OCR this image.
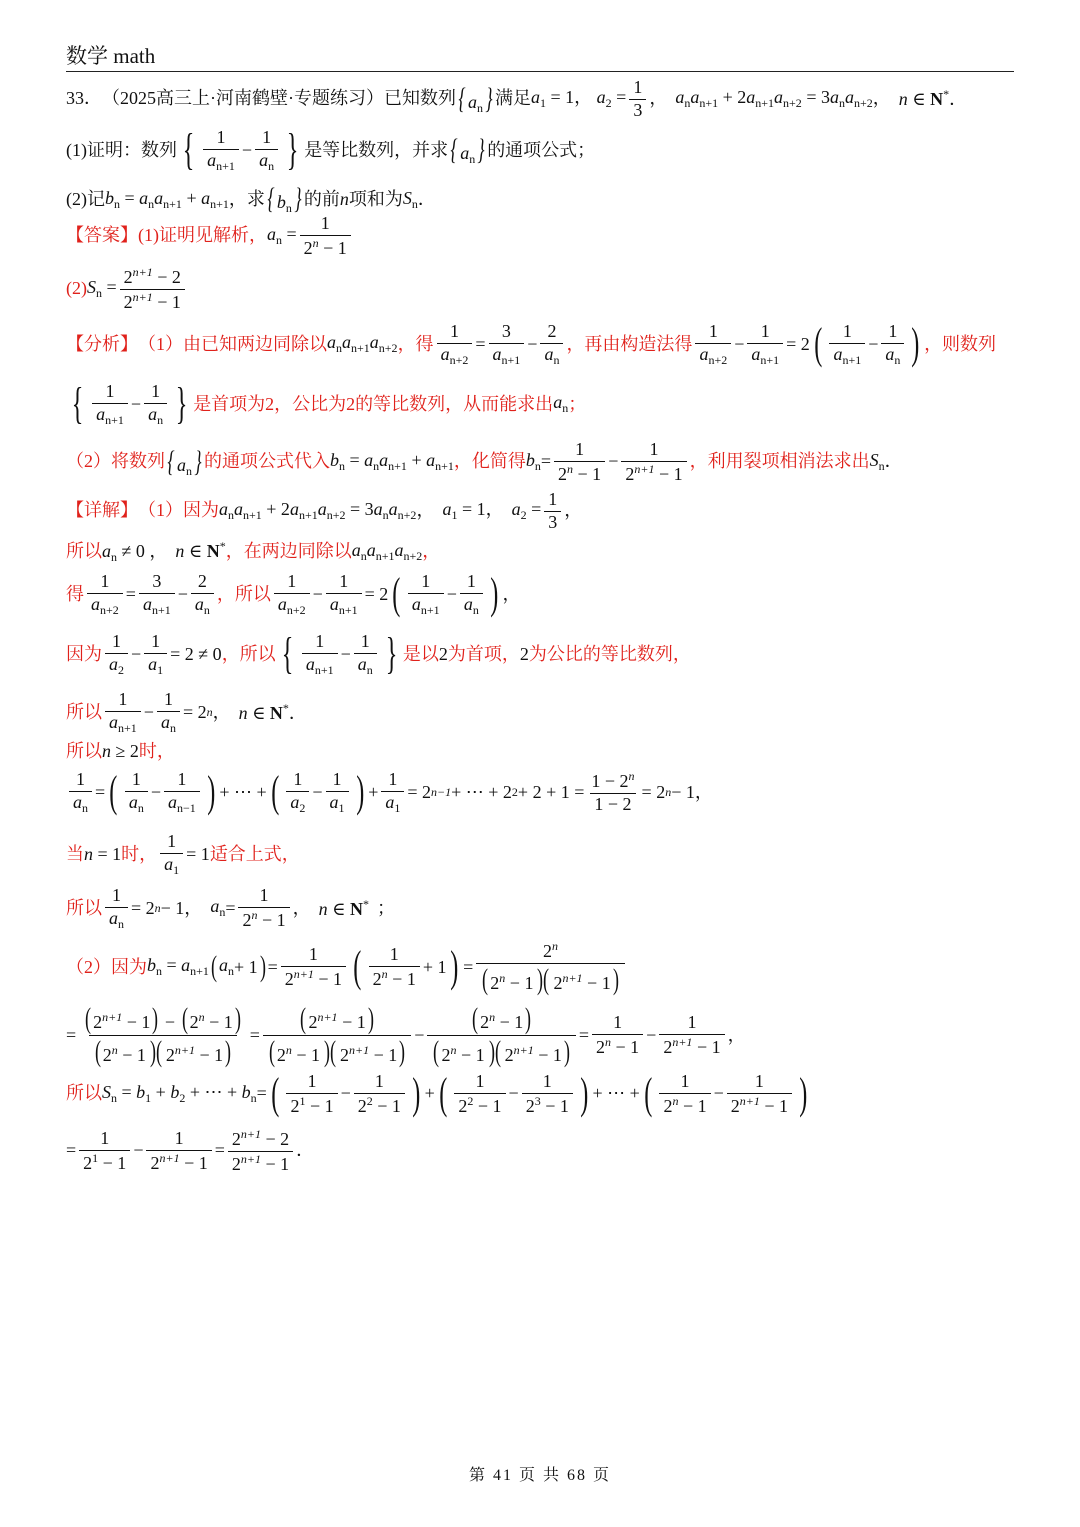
数学 math
33． （2025高三上·河南鹤壁·专题练习） 已知数列 { $a_n$} 满足 $a_1 = 1$， $a_2 = \frac{1}{3}$ ， $a_na_{n+1} + 2a_{n+1}a_{n+2} = 3a_na_{n+2}$ ， n ∈ N*．
(1)证明：数列 { $\frac{1}{a_{n+1}} - \frac{1}{a_n}$ } 是等比数列，并求 { $a_n$} 的通项公式；
(2)记 $b_n = a_na_{n+1} + a_{n+1}$ ，求 { $b_n$} 的前 n 项和为 $S_n$ ．
【答案】 (1)证明见解析， $a_n = \frac{1}{2^n - 1}$
(2) $S_n = \frac{2^{n+1} - 2}{2^{n+1} - 1}$
【分析】 （1）由已知两边同除以 $a_na_{n+1}a_{n+2}$ ，得 $\frac{1}{a_{n+2}} = \frac{3}{a_{n+1}} - \frac{2}{a_n}$ ，再由构造法得 $\frac{1}{a_{n+2}} - \frac{1}{a_{n+1}} = 2$ ( $\frac{1}{a_{n+1}} - \frac{1}{a_n}$ ) ，则数列
{ $\frac{1}{a_{n+1}} - \frac{1}{a_n}$ } 是首项为2，公比为2的等比数列，从而能求出 $a_n$ ；
（2）将数列 { $a_n$} 的通项公式代入 $b_n = a_na_{n+1} + a_{n+1}$ ，化简得 $b_n = \frac{1}{2^n - 1} - \frac{1}{2^{n+1} - 1}$ ，利用裂项相消法求出 $S_n$ ．
【详解】 （1）因为 $a_na_{n+1} + 2a_{n+1}a_{n+2} = 3a_na_{n+2}$ ， $a_1 = 1$， $a_2 = \frac{1}{3}$ ，
所以 $a_n \ne 0$ ， n ∈ N* ，在两边同除以 $a_na_{n+1}a_{n+2}$ ，
得 $\frac{1}{a_{n+2}} = \frac{3}{a_{n+1}} - \frac{2}{a_n}$ ，所以 $\frac{1}{a_{n+2}} - \frac{1}{a_{n+1}} = 2$ ( $\frac{1}{a_{n+1}} - \frac{1}{a_n}$ ) ，
因为 $\frac{1}{a_2} - \frac{1}{a_1} = 2 \ne 0$ ，所以 { $\frac{1}{a_{n+1}} - \frac{1}{a_n}$ } 是以 2 为首项， 2 为公比的等比数列，
所以 $\frac{1}{a_{n+1}} - \frac{1}{a_n} = 2$ n ， n ∈ N*．
所以 n ≥ 2 时，
$\frac{1}{a_n}$ = ( $\frac{1}{a_n} - \frac{1}{a_{n-1}}$ ) + ⋯ + ( $\frac{1}{a_2} - \frac{1}{a_1}$ ) + $\frac{1}{a_1} = 2$ n−1 + ⋯ + 2 $2 + 2 + 1 = \frac{1 - 2^n}{1 - 2} = 2$ n − 1，
当 n = 1 时， $\frac{1}{a_1} = 1$ 适合上式，
所以 $\frac{1}{a_n} = 2$ n − 1， $a_n = \frac{1}{2^n - 1}$ ， n ∈ N* ；
（2）因为 $b_n = a_{n+1}$ ( $a_n + 1$ ) = $\frac{1}{2^{n+1} - 1}$ ( $\frac{1}{2^n - 1} + 1$ ) = $\frac{2^n}{( 2^n - 1 )( 2^{n+1} - 1)}$
= $\frac{( 2^{n+1} - 1) - ( 2^n - 1)}{( 2^n - 1 )( 2^{n+1} - 1)} = \frac{( 2^{n+1} - 1)}{( 2^n - 1 )( 2^{n+1} - 1)} - \frac{( 2^n - 1)}{( 2^n - 1 )( 2^{n+1} - 1)} = \frac{1}{2^n - 1} - \frac{1}{2^{n+1} - 1}$ ，
所以 $S_n = b_1 + b_2$ + ⋯ + $b_n$ = ( $\frac{1}{2^1 - 1} - \frac{1}{2^2 - 1}$ ) + ( $\frac{1}{2^2 - 1} - \frac{1}{2^3 - 1}$ ) + ⋯ + ( $\frac{1}{2^n - 1} - \frac{1}{2^{n+1} - 1}$ )
= $\frac{1}{2^1 - 1} - \frac{1}{2^{n+1} - 1} = \frac{2^{n+1} - 2}{2^{n+1} - 1}$ ．
第 41 页 共 68 页
